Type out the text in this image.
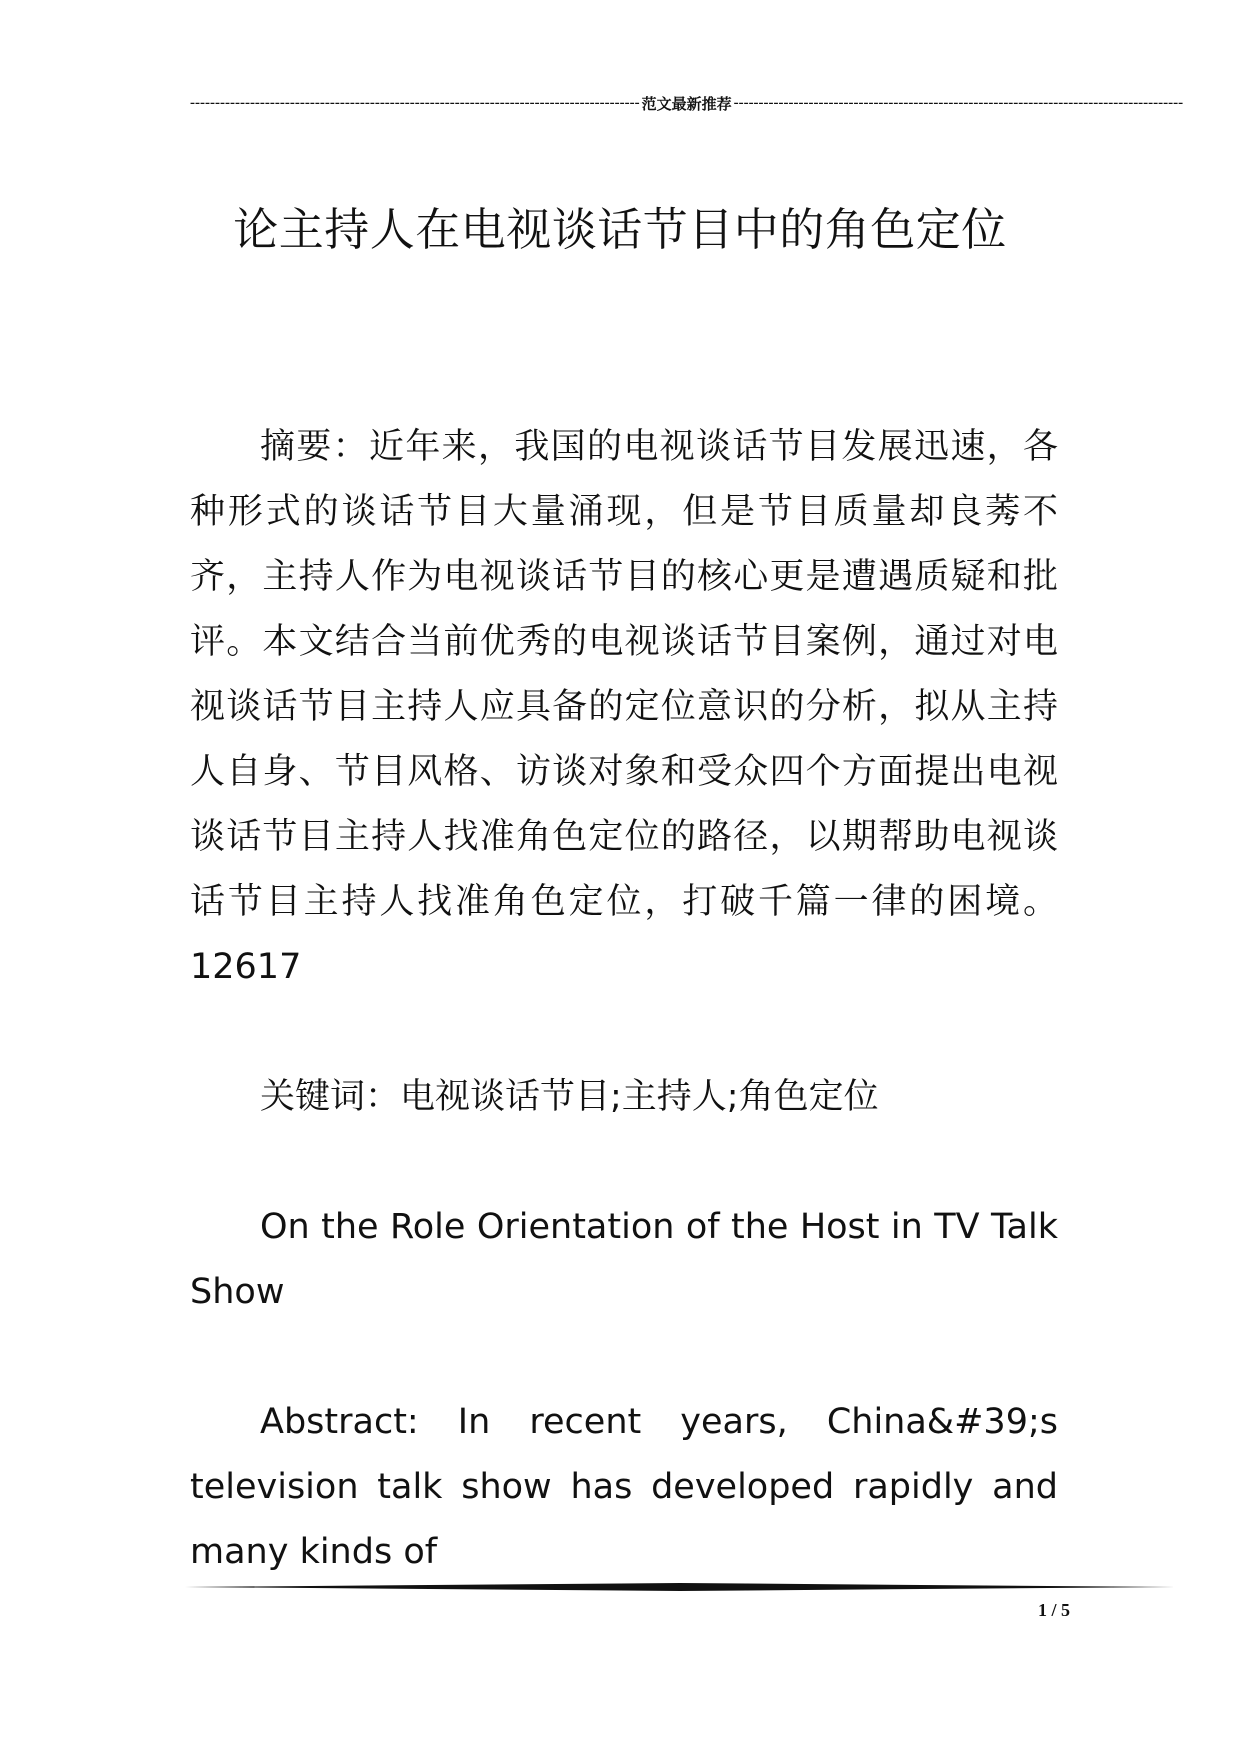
------------------------------------------------------------------------------------------ 范文最新推荐 ------------------------------------------------------------------------------------------
论主持人在电视谈话节目中的角色定位

摘要：近年来，我国的电视谈话节目发展迅速，各种形式的谈话节目大量涌现，但是节目质量却良莠不齐，主持人作为电视谈话节目的核心更是遭遇质疑和批评。本文结合当前优秀的电视谈话节目案例，通过对电视谈话节目主持人应具备的定位意识的分析，拟从主持人自身、节目风格、访谈对象和受众四个方面提出电视谈话节目主持人找准角色定位的路径，以期帮助电视谈话节目主持人找准角色定位，打破千篇一律的困境。12617

关键词：电视谈话节目;主持人;角色定位

On the Role Orientation of the Host in TV Talk Show

Abstract: In recent years, China&#39;s television talk show has developed rapidly and many kinds of

1 / 5
